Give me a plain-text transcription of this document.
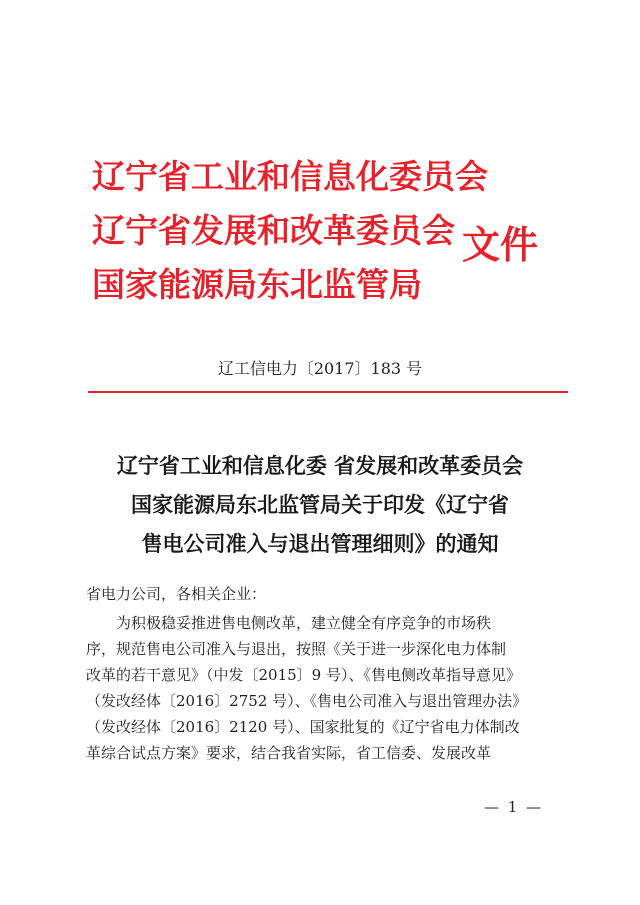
辽宁省工业和信息化委员会
辽宁省发展和改革委员会
国家能源局东北监管局
文件
辽工信电力〔2017〕183 号
辽宁省工业和信息化委 省发展和改革委员会
国家能源局东北监管局关于印发《辽宁省
售电公司准入与退出管理细则》的通知
省电力公司，各相关企业：
为积极稳妥推进售电侧改革，建立健全有序竞争的市场秩
序，规范售电公司准入与退出，按照《关于进一步深化电力体制
改革的若干意见》（中发〔2015〕9 号）、《售电侧改革指导意见》
（发改经体〔2016〕2752 号）、《售电公司准入与退出管理办法》
（发改经体〔2016〕2120 号）、国家批复的《辽宁省电力体制改
革综合试点方案》要求，结合我省实际，省工信委、发展改革
— 1 —
